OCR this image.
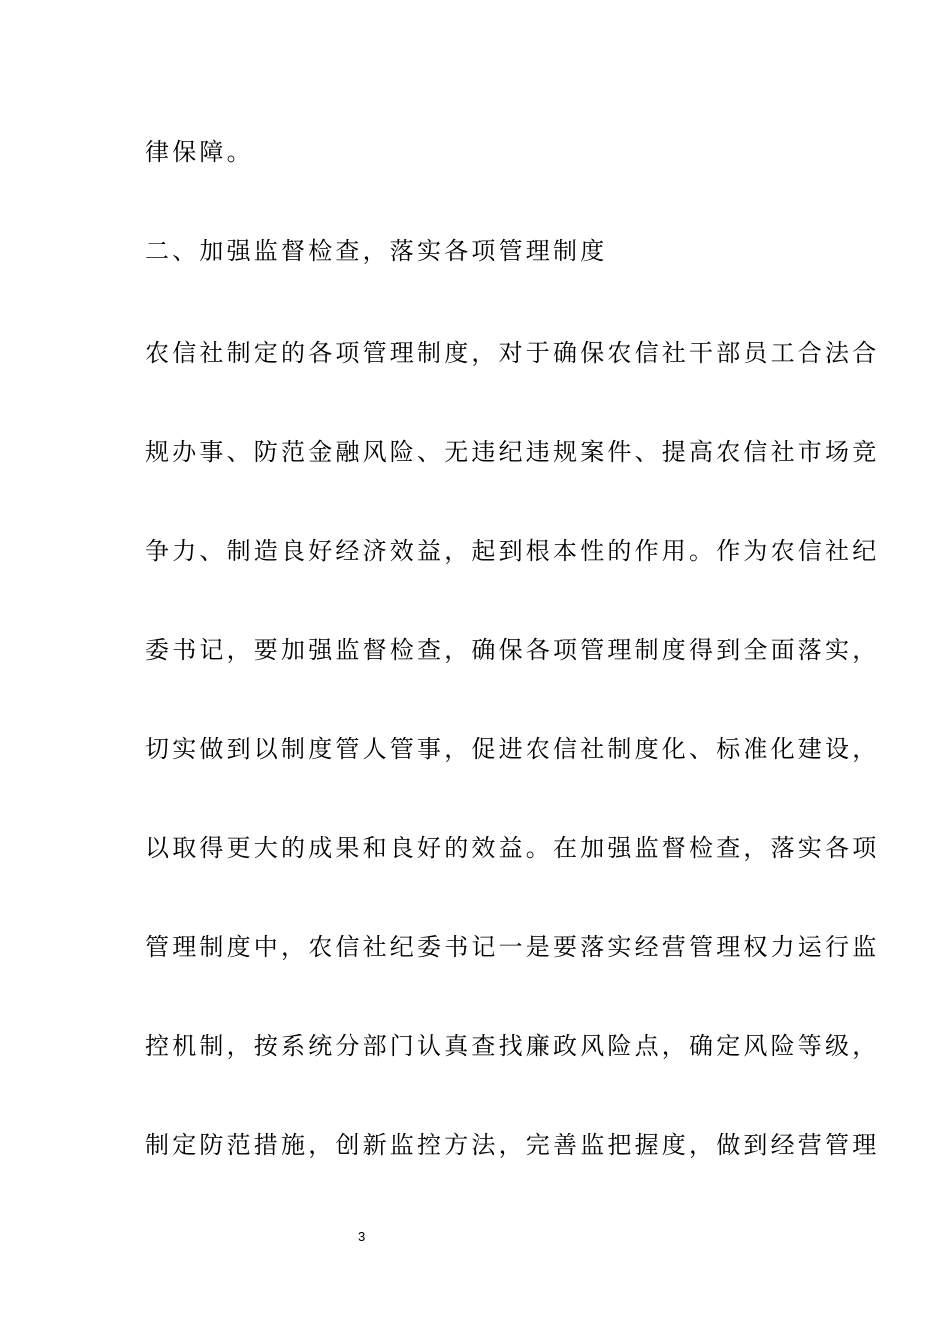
律保障。
二、加强监督检查，落实各项管理制度
农信社制定的各项管理制度，对于确保农信社干部员工合法合
规办事、防范金融风险、无违纪违规案件、提高农信社市场竞
争力、制造良好经济效益，起到根本性的作用。作为农信社纪
委书记，要加强监督检查，确保各项管理制度得到全面落实，
切实做到以制度管人管事，促进农信社制度化、标准化建设，
以取得更大的成果和良好的效益。在加强监督检查，落实各项
管理制度中，农信社纪委书记一是要落实经营管理权力运行监
控机制，按系统分部门认真查找廉政风险点，确定风险等级，
制定防范措施，创新监控方法，完善监把握度，做到经营管理
3
